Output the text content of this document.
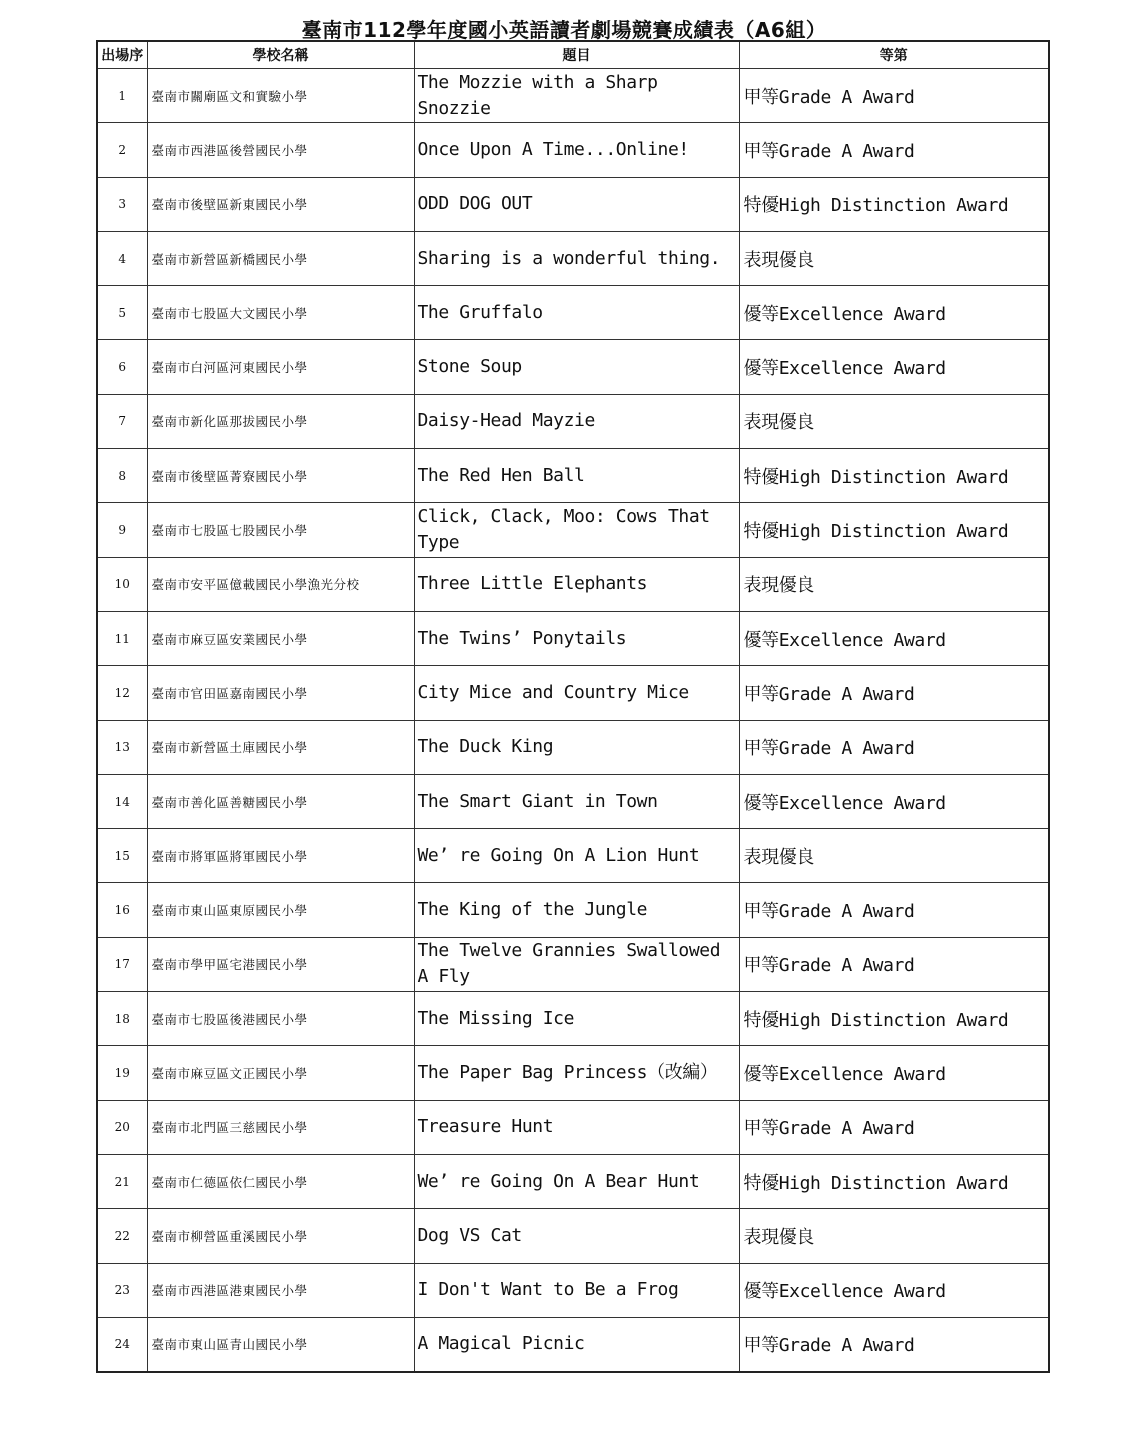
臺南市112學年度國小英語讀者劇場競賽成績表（A6組）
出場序	學校名稱	題目	等第
1	臺南市關廟區文和實驗小學	The Mozzie with a Sharp Snozzie	甲等Grade A Award
2	臺南市西港區後營國民小學	Once Upon A Time...Online!	甲等Grade A Award
3	臺南市後壁區新東國民小學	ODD DOG OUT	特優High Distinction Award
4	臺南市新營區新橋國民小學	Sharing is a wonderful thing.	表現優良
5	臺南市七股區大文國民小學	The Gruffalo	優等Excellence Award
6	臺南市白河區河東國民小學	Stone Soup	優等Excellence Award
7	臺南市新化區那拔國民小學	Daisy-Head Mayzie	表現優良
8	臺南市後壁區菁寮國民小學	The Red Hen Ball	特優High Distinction Award
9	臺南市七股區七股國民小學	Click, Clack, Moo: Cows That Type	特優High Distinction Award
10	臺南市安平區億載國民小學漁光分校	Three Little Elephants	表現優良
11	臺南市麻豆區安業國民小學	The Twins’ Ponytails	優等Excellence Award
12	臺南市官田區嘉南國民小學	City Mice and Country Mice	甲等Grade A Award
13	臺南市新營區土庫國民小學	The Duck King	甲等Grade A Award
14	臺南市善化區善糖國民小學	The Smart Giant in Town	優等Excellence Award
15	臺南市將軍區將軍國民小學	We’ re Going On A Lion Hunt	表現優良
16	臺南市東山區東原國民小學	The King of the Jungle	甲等Grade A Award
17	臺南市學甲區宅港國民小學	The Twelve Grannies Swallowed A Fly	甲等Grade A Award
18	臺南市七股區後港國民小學	The Missing Ice	特優High Distinction Award
19	臺南市麻豆區文正國民小學	The Paper Bag Princess（改編）	優等Excellence Award
20	臺南市北門區三慈國民小學	Treasure Hunt	甲等Grade A Award
21	臺南市仁德區依仁國民小學	We’ re Going On A Bear Hunt	特優High Distinction Award
22	臺南市柳營區重溪國民小學	Dog VS Cat	表現優良
23	臺南市西港區港東國民小學	I Don't Want to Be a Frog	優等Excellence Award
24	臺南市東山區青山國民小學	A Magical Picnic	甲等Grade A Award
